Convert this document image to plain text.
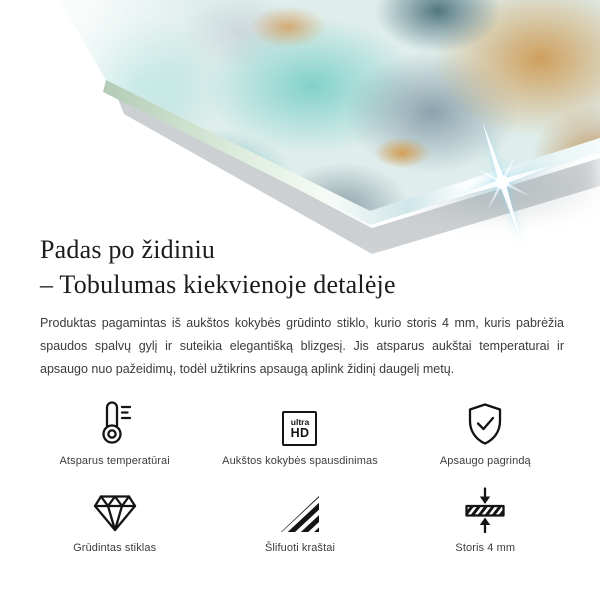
Padas po židiniu
– Tobulumas kiekvienoje detalėje
Produktas pagamintas iš aukštos kokybės grūdinto stiklo, kurio storis 4 mm, kuris pabrėžia spaudos spalvų gylį ir suteikia elegantišką blizgesį. Jis atsparus aukštai temperaturai ir apsaugo nuo pažeidimų, todėl užtikrins apsaugą aplink židinį daugelį metų.
Atsparus temperatūrai
ultra
HD
Aukštos kokybės spausdinimas	Apsaugo pagrindą
Grūdintas stiklas	Šlifuoti kraštai	Storis 4 mm
